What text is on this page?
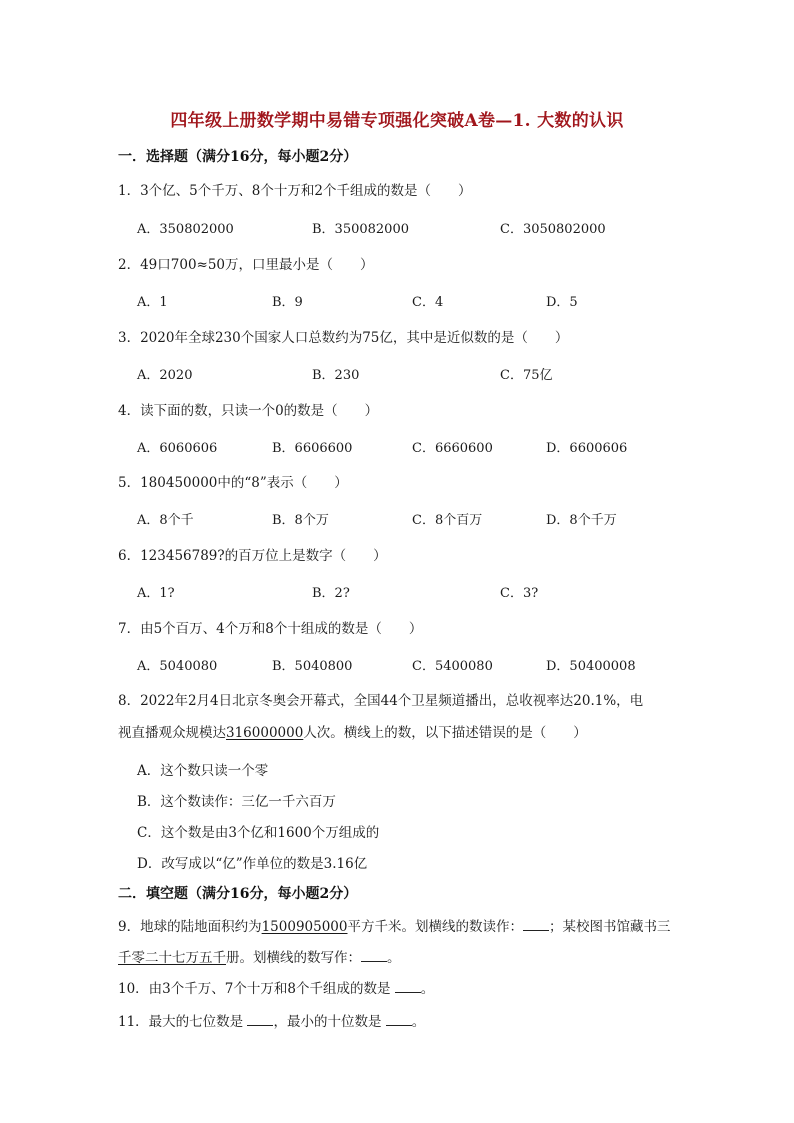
四年级上册数学期中易错专项强化突破A卷—1. 大数的认识
一．选择题（满分16分，每小题2分）
1．3个亿、5个千万、8个十万和2个千组成的数是（　　）
A．350802000	B．350082000	C．3050802000
2．49口700≈50万，口里最小是（　　）
A．1	B．9	C．4	D．5
3．2020年全球230个国家人口总数约为75亿，其中是近似数的是（　　）
A．2020	B．230	C．75亿
4．读下面的数，只读一个0的数是（　　）
A．6060606	B．6606600	C．6660600	D．6600606
5．180450000中的“8”表示（　　）
A．8个千	B．8个万	C．8个百万	D．8个千万
6．123456789?的百万位上是数字（　　）
A．1?	B．2?	C．3?
7．由5个百万、4个万和8个十组成的数是（　　）
A．5040080	B．5040800	C．5400080	D．50400008
8．2022年2月4日北京冬奥会开幕式，全国44个卫星频道播出，总收视率达20.1%，电
视直播观众规模达316000000人次。横线上的数，以下描述错误的是（　　）
A．这个数只读一个零
B．这个数读作：三亿一千六百万
C．这个数是由3个亿和1600个万组成的
D．改写成以“亿”作单位的数是3.16亿
二．填空题（满分16分，每小题2分）
9．地球的陆地面积约为1500905000平方千米。划横线的数读作： ；某校图书馆藏书三
千零二十七万五千册。划横线的数写作： 。
10．由3个千万、7个十万和8个千组成的数是 。
11．最大的七位数是 ，最小的十位数是 。
